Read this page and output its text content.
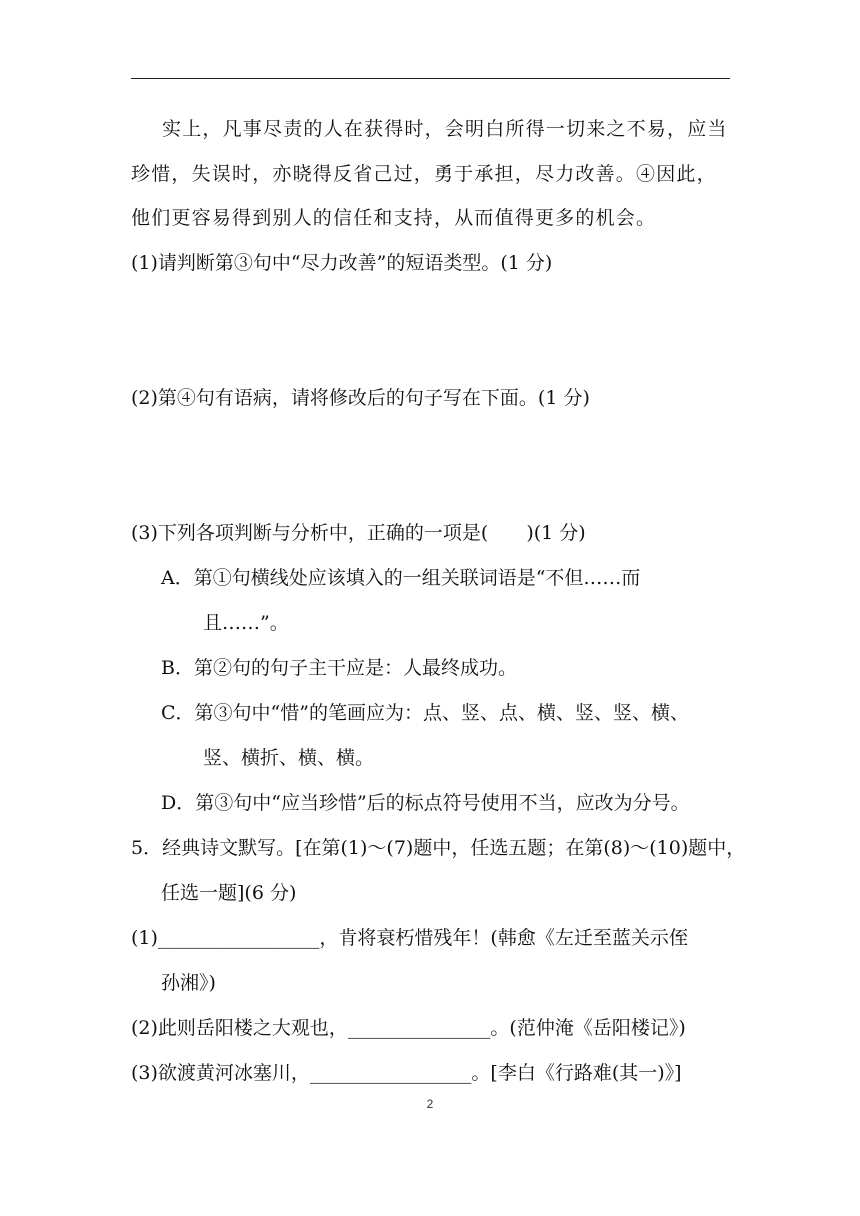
实上，凡事尽责的人在获得时，会明白所得一切来之不易，应当
珍惜，失误时，亦晓得反省己过，勇于承担，尽力改善。④因此，
他们更容易得到别人的信任和支持，从而值得更多的机会。
(1)请判断第③句中“尽力改善”的短语类型。(1 分)
(2)第④句有语病，请将修改后的句子写在下面。(1 分)
(3)下列各项判断与分析中，正确的一项是(　　)(1 分)
A．第①句横线处应该填入的一组关联词语是“不但……而
且……”。
B．第②句的句子主干应是：人最终成功。
C．第③句中“惜”的笔画应为：点、竖、点、横、竖、竖、横、
竖、横折、横、横。
D．第③句中“应当珍惜”后的标点符号使用不当，应改为分号。
5．经典诗文默写。[在第(1)～(7)题中，任选五题；在第(8)～(10)题中，
任选一题](6 分)
(1)_________________，肯将衰朽惜残年！(韩愈《左迁至蓝关示侄
孙湘》)
(2)此则岳阳楼之大观也，_______________。(范仲淹《岳阳楼记》)
(3)欲渡黄河冰塞川，_________________。[李白《行路难(其一)》]
2
